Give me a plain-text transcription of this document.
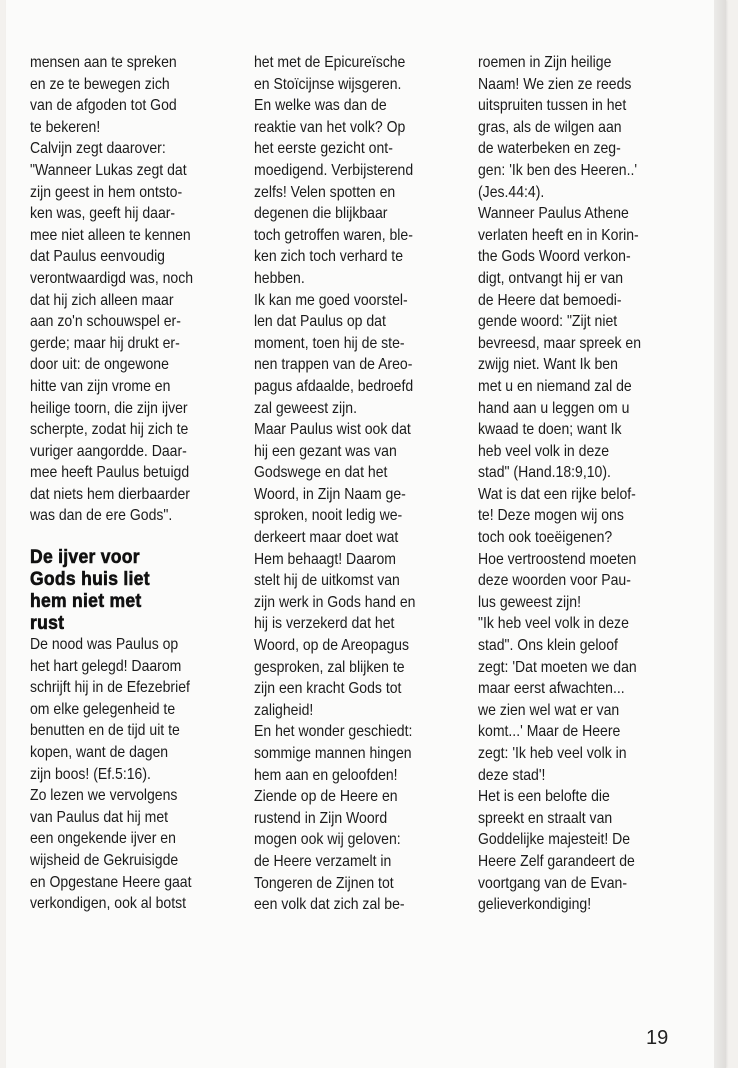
mensen aan te spreken
en ze te bewegen zich
van de afgoden tot God
te bekeren!
Calvijn zegt daarover:
"Wanneer Lukas zegt dat
zijn geest in hem ontsto-
ken was, geeft hij daar-
mee niet alleen te kennen
dat Paulus eenvoudig
verontwaardigd was, noch
dat hij zich alleen maar
aan zo'n schouwspel er-
gerde; maar hij drukt er-
door uit: de ongewone
hitte van zijn vrome en
heilige toorn, die zijn ijver
scherpte, zodat hij zich te
vuriger aangordde. Daar-
mee heeft Paulus betuigd
dat niets hem dierbaarder
was dan de ere Gods".
De ijver voor
Gods huis liet
hem niet met
rust
De nood was Paulus op
het hart gelegd! Daarom
schrijft hij in de Efezebrief
om elke gelegenheid te
benutten en de tijd uit te
kopen, want de dagen
zijn boos! (Ef.5:16).
Zo lezen we vervolgens
van Paulus dat hij met
een ongekende ijver en
wijsheid de Gekruisigde
en Opgestane Heere gaat
verkondigen, ook al botst
het met de Epicureïsche
en Stoïcijnse wijsgeren.
En welke was dan de
reaktie van het volk? Op
het eerste gezicht ont-
moedigend. Verbijsterend
zelfs! Velen spotten en
degenen die blijkbaar
toch getroffen waren, ble-
ken zich toch verhard te
hebben.
Ik kan me goed voorstel-
len dat Paulus op dat
moment, toen hij de ste-
nen trappen van de Areo-
pagus afdaalde, bedroefd
zal geweest zijn.
Maar Paulus wist ook dat
hij een gezant was van
Godswege en dat het
Woord, in Zijn Naam ge-
sproken, nooit ledig we-
derkeert maar doet wat
Hem behaagt! Daarom
stelt hij de uitkomst van
zijn werk in Gods hand en
hij is verzekerd dat het
Woord, op de Areopagus
gesproken, zal blijken te
zijn een kracht Gods tot
zaligheid!
En het wonder geschiedt:
sommige mannen hingen
hem aan en geloofden!
Ziende op de Heere en
rustend in Zijn Woord
mogen ook wij geloven:
de Heere verzamelt in
Tongeren de Zijnen tot
een volk dat zich zal be-
roemen in Zijn heilige
Naam! We zien ze reeds
uitspruiten tussen in het
gras, als de wilgen aan
de waterbeken en zeg-
gen: 'Ik ben des Heeren..'
(Jes.44:4).
Wanneer Paulus Athene
verlaten heeft en in Korin-
the Gods Woord verkon-
digt, ontvangt hij er van
de Heere dat bemoedi-
gende woord: "Zijt niet
bevreesd, maar spreek en
zwijg niet. Want Ik ben
met u en niemand zal de
hand aan u leggen om u
kwaad te doen; want Ik
heb veel volk in deze
stad" (Hand.18:9,10).
Wat is dat een rijke belof-
te! Deze mogen wij ons
toch ook toeëigenen?
Hoe vertroostend moeten
deze woorden voor Pau-
lus geweest zijn!
"Ik heb veel volk in deze
stad". Ons klein geloof
zegt: 'Dat moeten we dan
maar eerst afwachten...
we zien wel wat er van
komt...' Maar de Heere
zegt: 'Ik heb veel volk in
deze stad'!
Het is een belofte die
spreekt en straalt van
Goddelijke majesteit! De
Heere Zelf garandeert de
voortgang van de Evan-
gelieverkondiging!
19
